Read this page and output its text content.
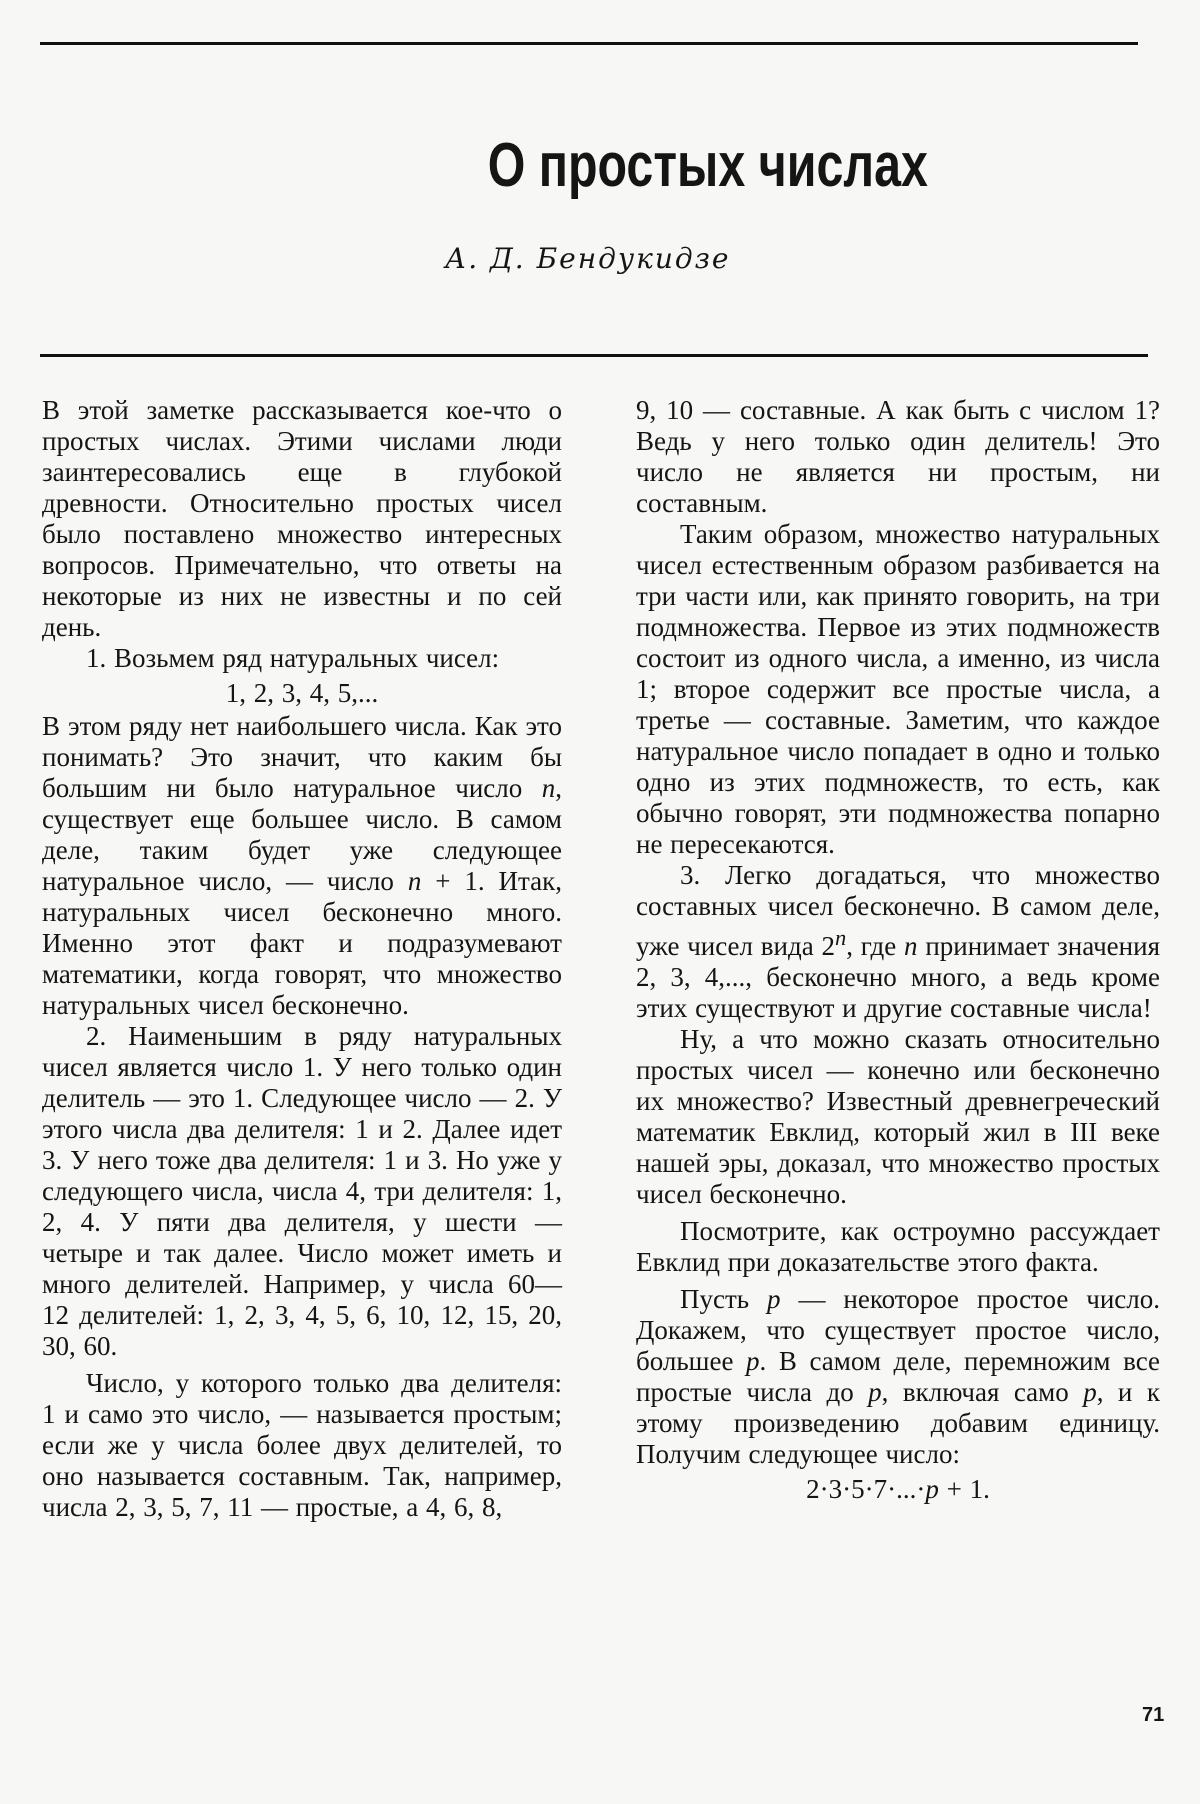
О простых числах
А. Д. Бендукидзе

В этой заметке рассказывается кое-что о простых числах. Этими числами люди заинтересовались еще в глубокой древности. Относительно простых чисел было поставлено множество интересных вопросов. Примечательно, что ответы на некоторые из них не известны и по сей день.

1. Возьмем ряд натуральных чисел:

1, 2, 3, 4, 5,...

В этом ряду нет наибольшего числа. Как это понимать? Это значит, что каким бы большим ни было натуральное число n, существует еще большее число. В самом деле, таким будет уже следующее натуральное число, — число n + 1. Итак, натуральных чисел бесконечно много. Именно этот факт и подразумевают математики, когда говорят, что множество натуральных чисел бесконечно.

2. Наименьшим в ряду натуральных чисел является число 1. У него только один делитель — это 1. Следующее число — 2. У этого числа два делителя: 1 и 2. Далее идет 3. У него тоже два делителя: 1 и 3. Но уже у следующего числа, числа 4, три делителя: 1, 2, 4. У пяти два делителя, у шести — четыре и так далее. Число может иметь и много делителей. Например, у числа 60— 12 делителей: 1, 2, 3, 4, 5, 6, 10, 12, 15, 20, 30, 60.

Число, у которого только два делителя: 1 и само это число, — называется простым; если же у числа более двух делителей, то оно называется составным. Так, например, числа 2, 3, 5, 7, 11 — простые, а 4, 6, 8,

9, 10 — составные. А как быть с числом 1? Ведь у него только один делитель! Это число не является ни простым, ни составным.

Таким образом, множество натуральных чисел естественным образом разбивается на три части или, как принято говорить, на три подмножества. Первое из этих подмножеств состоит из одного числа, а именно, из числа 1; второе содержит все простые числа, а третье — составные. Заметим, что каждое натуральное число попадает в одно и только одно из этих подмножеств, то есть, как обычно говорят, эти подмножества попарно не пересекаются.

3. Легко догадаться, что множество составных чисел бесконечно. В самом деле, уже чисел вида 2$^n$, где n принимает значения 2, 3, 4,..., бесконечно много, а ведь кроме этих существуют и другие составные числа!

Ну, а что можно сказать относительно простых чисел — конечно или бесконечно их множество? Известный древнегреческий математик Евклид, который жил в III веке нашей эры, доказал, что множество простых чисел бесконечно.

Посмотрите, как остроумно рассуждает Евклид при доказательстве этого факта.

Пусть p — некоторое простое число. Докажем, что существует простое число, большее p. В самом деле, перемножим все простые числа до p, включая само p, и к этому произведению добавим единицу. Получим следующее число:

2·3·5·7·...·p + 1.

71
